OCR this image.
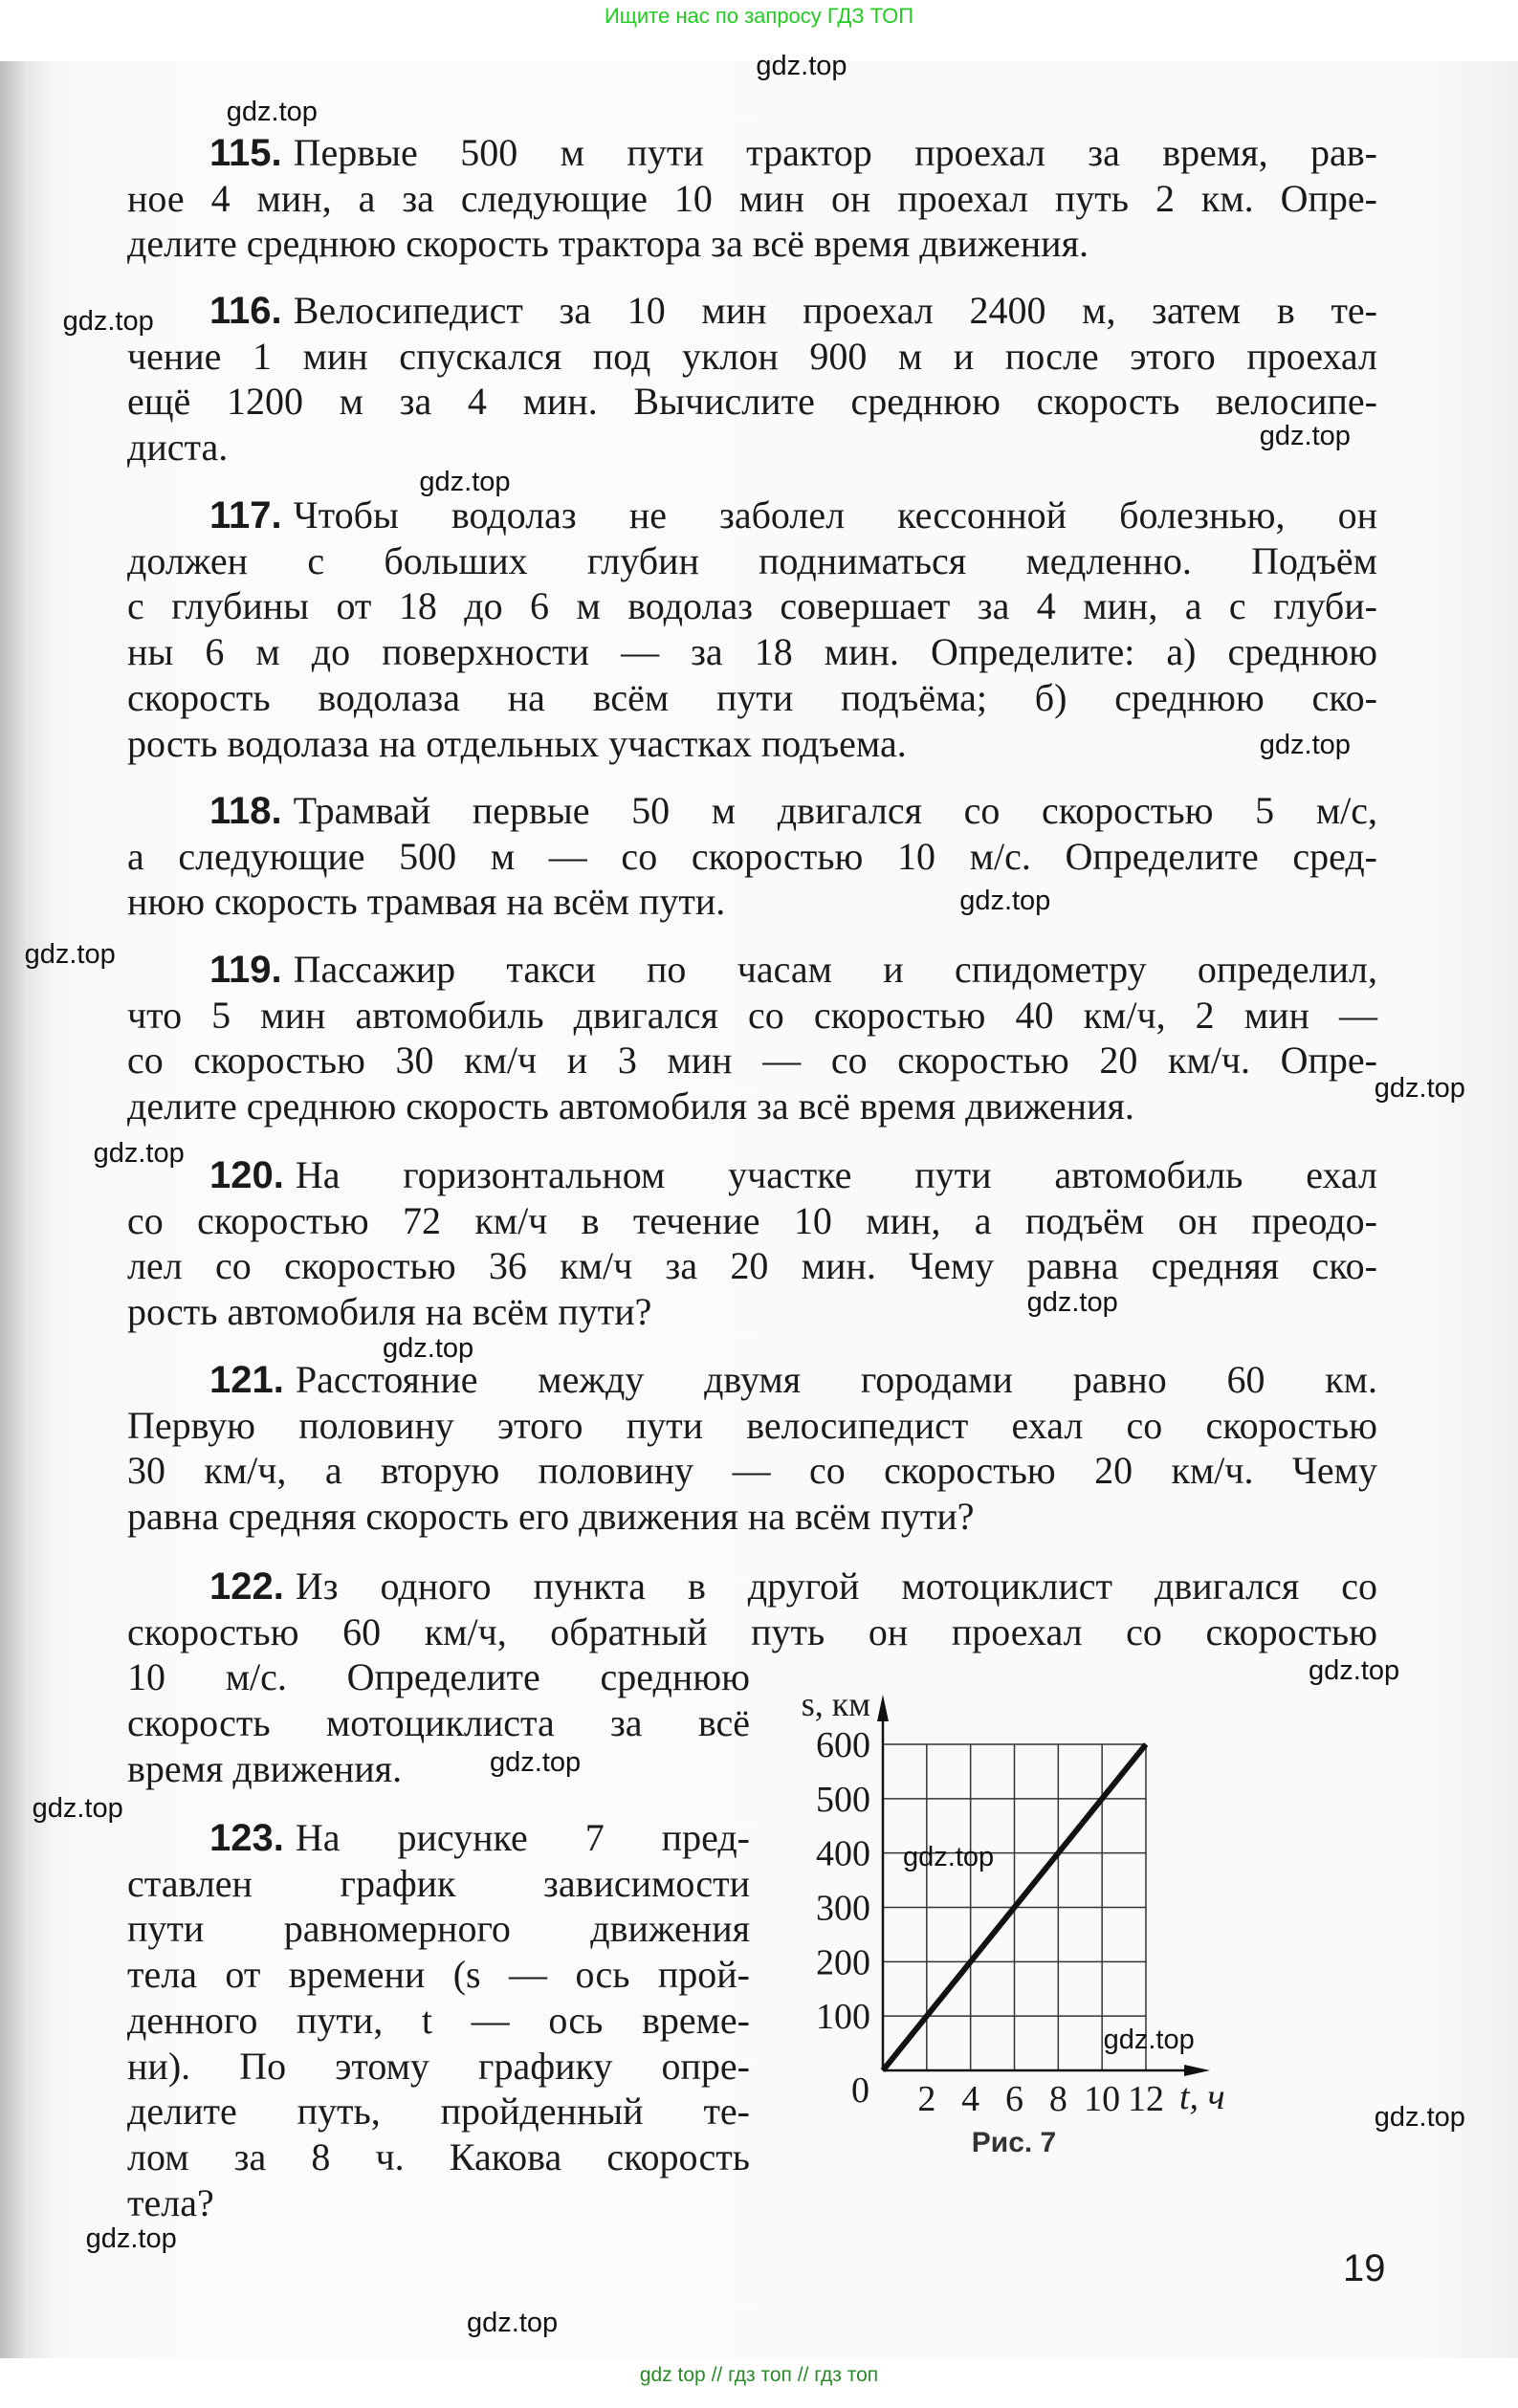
Ищите нас по запросу ГДЗ ТОП
115. Первые 500 м пути трактор проехал за время, рав-
ное 4 мин, а за следующие 10 мин он проехал путь 2 км. Опре-
делите среднюю скорость трактора за всё время движения.
116. Велосипедист за 10 мин проехал 2400 м, затем в те-
чение 1 мин спускался под уклон 900 м и после этого проехал
ещё 1200 м за 4 мин. Вычислите среднюю скорость велосипе-
диста.
117. Чтобы водолаз не заболел кессонной болезнью, он
должен с больших глубин подниматься медленно. Подъём
с глубины от 18 до 6 м водолаз совершает за 4 мин, а с глуби-
ны 6 м до поверхности — за 18 мин. Определите: а) среднюю
скорость водолаза на всём пути подъёма; б) среднюю ско-
рость водолаза на отдельных участках подъема.
118. Трамвай первые 50 м двигался со скоростью 5 м/с,
а следующие 500 м — со скоростью 10 м/с. Определите сред-
нюю скорость трамвая на всём пути.
119. Пассажир такси по часам и спидометру определил,
что 5 мин автомобиль двигался со скоростью 40 км/ч, 2 мин —
со скоростью 30 км/ч и 3 мин — со скоростью 20 км/ч. Опре-
делите среднюю скорость автомобиля за всё время движения.
120. На горизонтальном участке пути автомобиль ехал
со скоростью 72 км/ч в течение 10 мин, а подъём он преодо-
лел со скоростью 36 км/ч за 20 мин. Чему равна средняя ско-
рость автомобиля на всём пути?
121. Расстояние между двумя городами равно 60 км.
Первую половину этого пути велосипедист ехал со скоростью
30 км/ч, а вторую половину — со скоростью 20 км/ч. Чему
равна средняя скорость его движения на всём пути?
122. Из одного пункта в другой мотоциклист двигался со
скоростью 60 км/ч, обратный путь он проехал со скоростью
10 м/с. Определите среднюю
скорость мотоциклиста за всё
время движения.
123. На рисунке 7 пред-
ставлен график зависимости
пути равномерного движения
тела от времени (s — ось прой-
денного пути, t — ось време-
ни). По этому графику опре-
делите путь, пройденный те-
лом за 8 ч. Какова скорость
тела?
2 4 6 8 10 12
100
200
300
400
500
600
0	t, ч
s, км
Рис. 7
19
gdz.top
gdz.top
gdz.top
gdz.top
gdz.top
gdz.top
gdz.top
gdz.top
gdz.top
gdz.top
gdz.top
gdz.top
gdz.top
gdz.top
gdz.top
gdz.top
gdz.top
gdz.top
gdz.top
gdz.top
gdz top // гдз топ // гдз топ
